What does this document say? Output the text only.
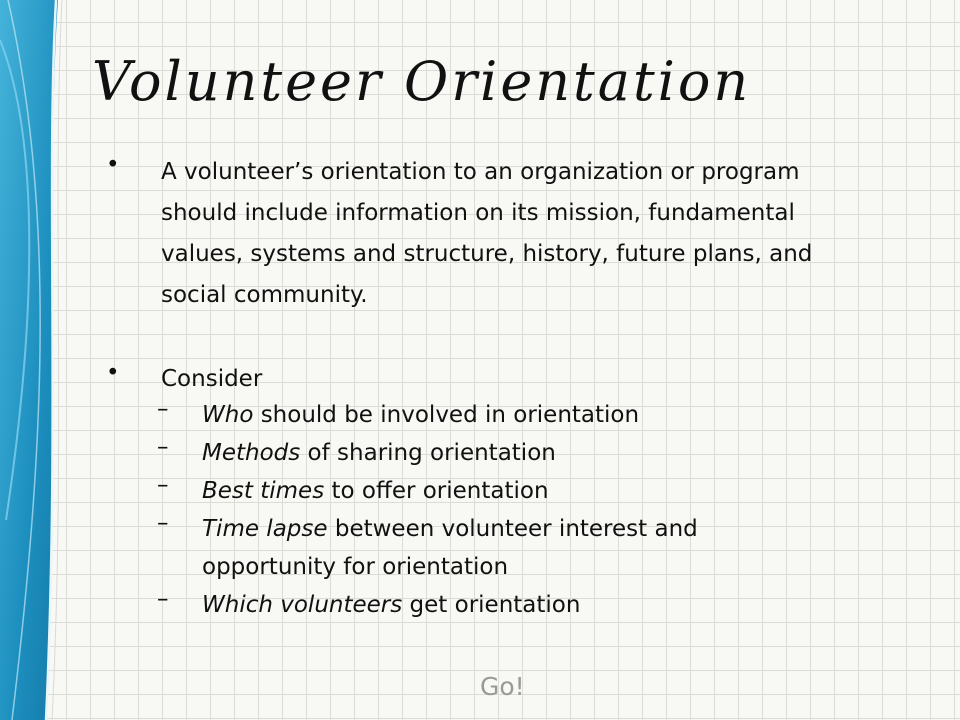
Volunteer Orientation
• A volunteer’s orientation to an organization or program should include information on its mission, fundamental values, systems and structure, history, future plans, and social community.
• Consider
– Who should be involved in orientation
– Methods of sharing orientation
– Best times to offer orientation
– Time lapse between volunteer interest and opportunity for orientation
– Which volunteers get orientation
Go!
